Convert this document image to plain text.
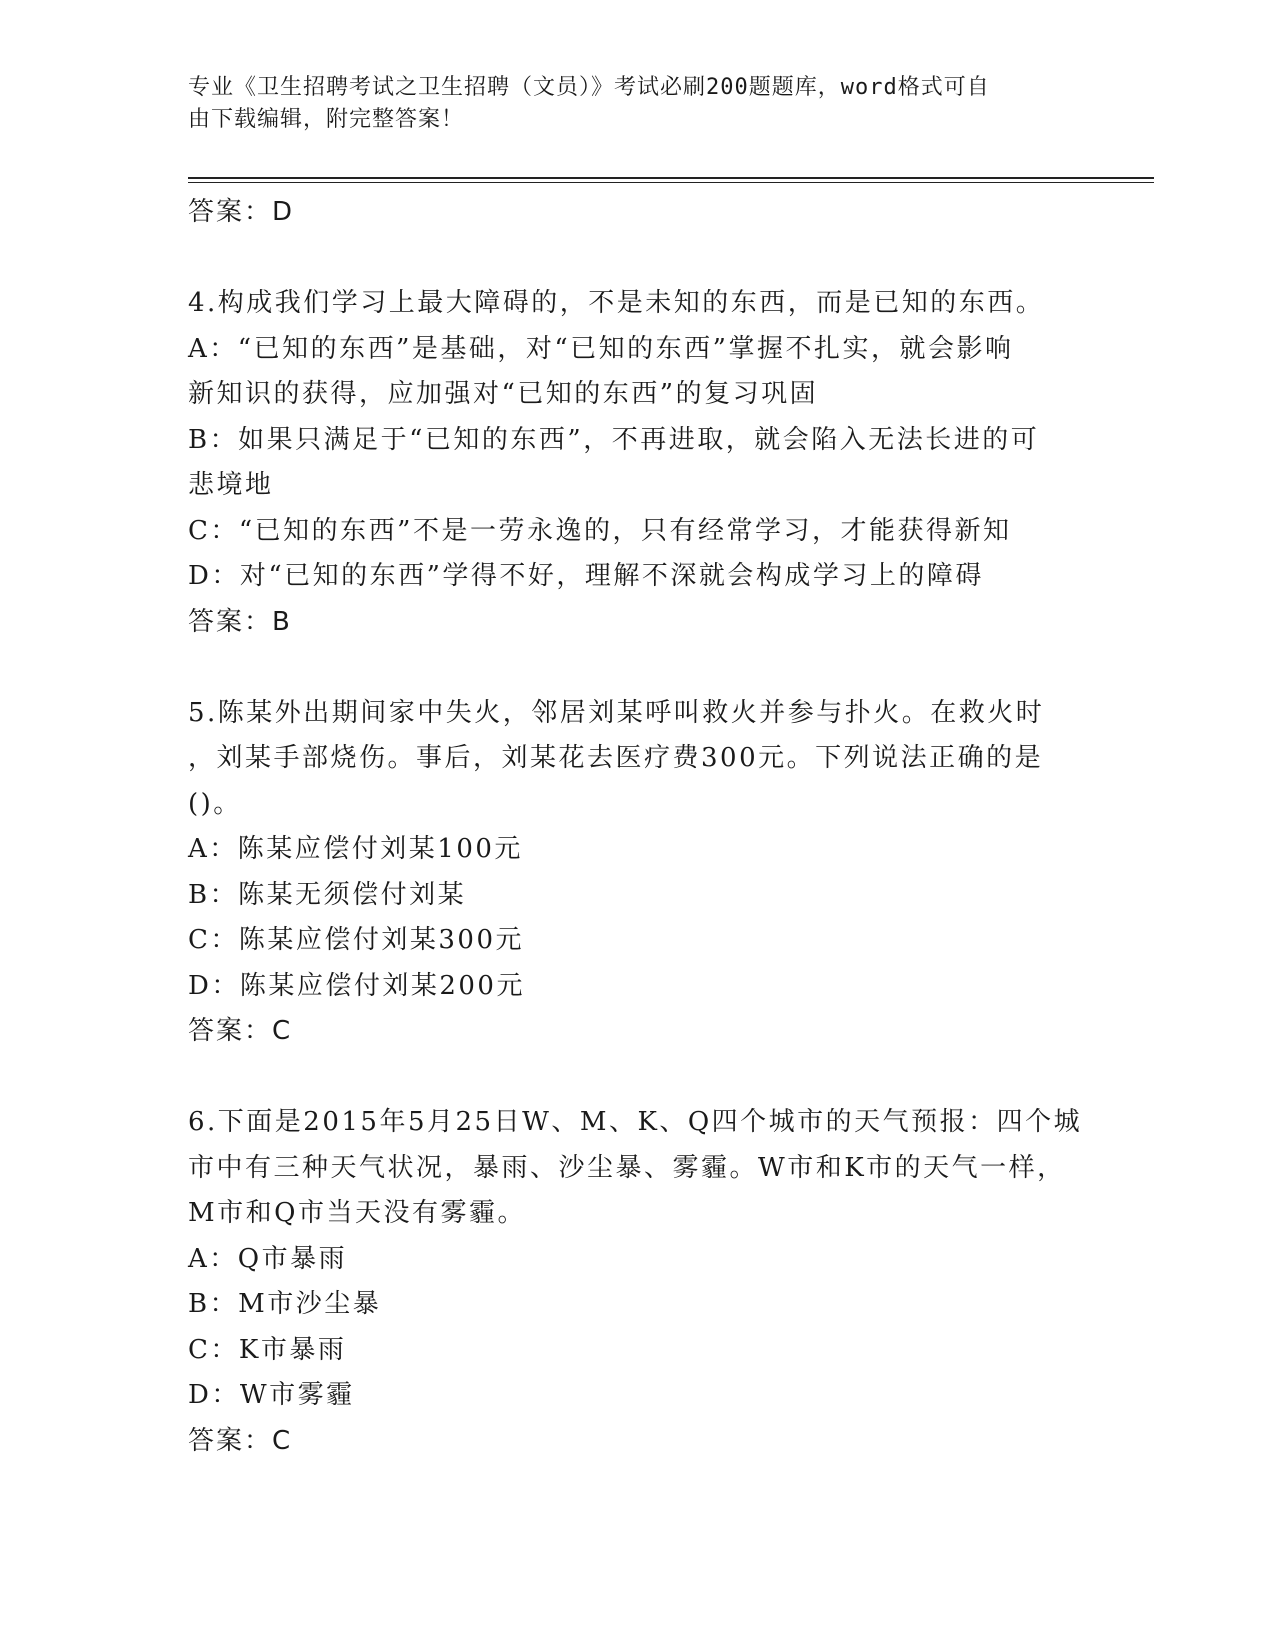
专业《卫生招聘考试之卫生招聘（文员）》考试必刷200题题库，word格式可自
由下载编辑，附完整答案！
答案：D
4.构成我们学习上最大障碍的，不是未知的东西，而是已知的东西。
A：“已知的东西”是基础，对“已知的东西”掌握不扎实，就会影响
新知识的获得，应加强对“已知的东西”的复习巩固
B：如果只满足于“已知的东西”，不再进取，就会陷入无法长进的可
悲境地
C：“已知的东西”不是一劳永逸的，只有经常学习，才能获得新知
D：对“已知的东西”学得不好，理解不深就会构成学习上的障碍
答案：B
5.陈某外出期间家中失火，邻居刘某呼叫救火并参与扑火。在救火时
，刘某手部烧伤。事后，刘某花去医疗费300元。下列说法正确的是
()。
A：陈某应偿付刘某100元
B：陈某无须偿付刘某
C：陈某应偿付刘某300元
D：陈某应偿付刘某200元
答案：C
6.下面是2015年5月25日W、M、K、Q四个城市的天气预报：四个城
市中有三种天气状况，暴雨、沙尘暴、雾霾。W市和K市的天气一样，
M市和Q市当天没有雾霾。
A：Q市暴雨
B：M市沙尘暴
C：K市暴雨
D：W市雾霾
答案：C
